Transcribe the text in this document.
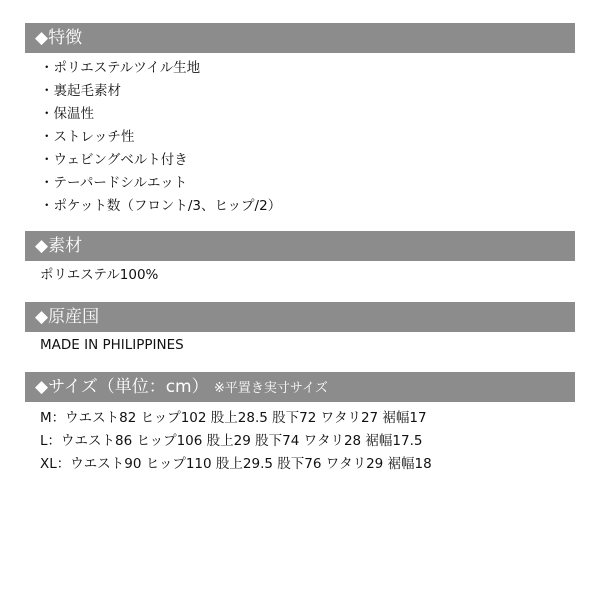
◆特徴
・ポリエステルツイル生地
・裏起毛素材
・保温性
・ストレッチ性
・ウェビングベルト付き
・テーパードシルエット
・ポケット数（フロント/3、ヒップ/2）
◆素材
ポリエステル100%
◆原産国
MADE IN PHILIPPINES
◆サイズ（単位：cm） ※平置き実寸サイズ
M：ウエスト82 ヒップ102 股上28.5 股下72 ワタリ27 裾幅17
L：ウエスト86 ヒップ106 股上29 股下74 ワタリ28 裾幅17.5
XL：ウエスト90 ヒップ110 股上29.5 股下76 ワタリ29 裾幅18
